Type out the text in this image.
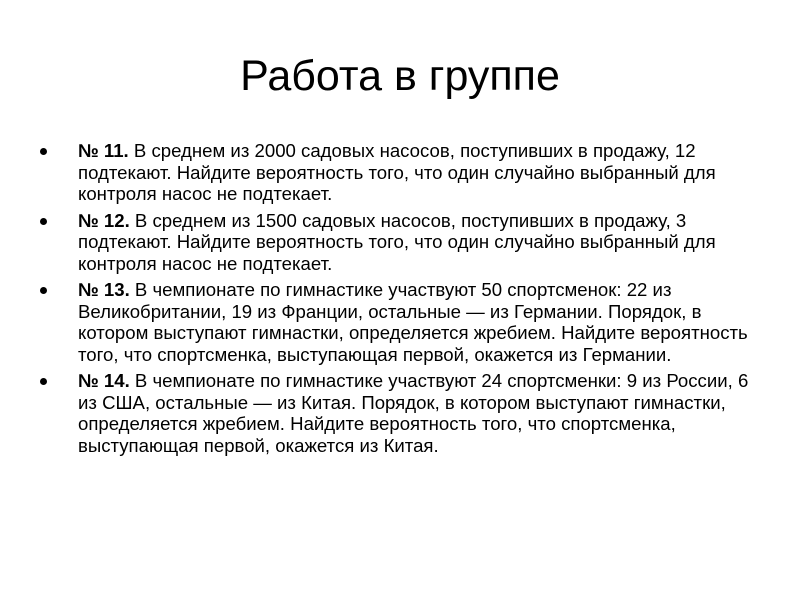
Работа в группе
№ 11. В среднем из 2000 садовых насосов, поступивших в продажу, 12 подтекают. Найдите вероятность того, что один случайно выбранный для контроля насос не подтекает.
№ 12. В среднем из 1500 садовых насосов, поступивших в продажу, 3 подтекают. Найдите вероятность того, что один случайно выбранный для контроля насос не подтекает.
№ 13. В чемпионате по гимнастике участвуют 50 спортсменок: 22 из Великобритании, 19 из Франции, остальные — из Германии. Порядок, в котором выступают гимнастки, определяется жребием. Найдите вероятность того, что спортсменка, выступающая первой, окажется из Германии.
№ 14. В чемпионате по гимнастике участвуют 24 спортсменки: 9 из России, 6 из США, остальные — из Китая. Порядок, в котором выступают гимнастки, определяется жребием. Найдите вероятность того, что спортсменка, выступающая первой, окажется из Китая.
